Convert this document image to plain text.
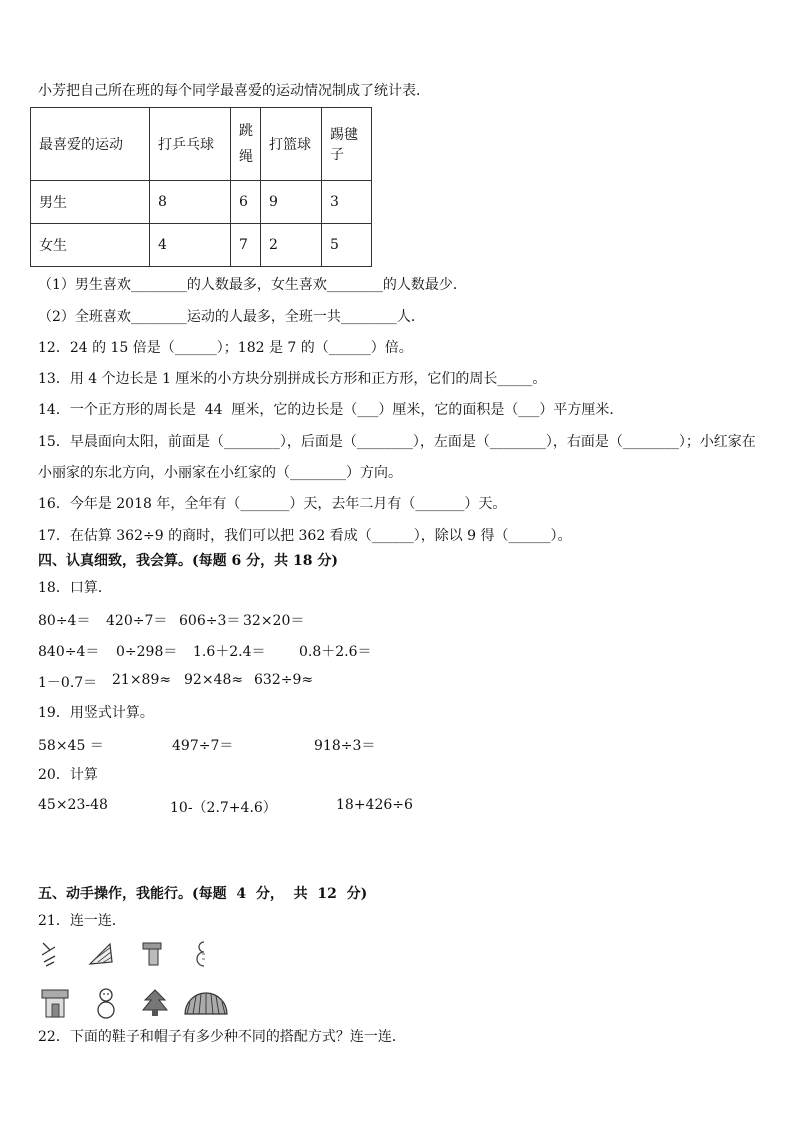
小芳把自己所在班的每个同学最喜爱的运动情况制成了统计表．
最喜爱的运动	打乒乓球	跳绳	打篮球	踢毽子
男生	8	6	9	3
女生	4	7	2	5
（1）男生喜欢________的人数最多，女生喜欢________的人数最少．
（2）全班喜欢________运动的人最多，全班一共________人．
12．24 的 15 倍是（______）；182 是 7 的（______）倍。
13．用 4 个边长是 1 厘米的小方块分别拼成长方形和正方形，它们的周长_____。
14．一个正方形的周长是  44  厘米，它的边长是（___）厘米，它的面积是（___）平方厘米．
15．早晨面向太阳，前面是（________），后面是（________），左面是（________），右面是（________）；小红家在
小丽家的东北方向，小丽家在小红家的（________）方向。
16．今年是 2018 年，全年有（_______）天，去年二月有（_______）天。
17．在估算 362÷9 的商时，我们可以把 362 看成（______），除以 9 得（______）。
四、认真细致，我会算。(每题 6 分，共 18 分)
18．口算．
80÷4＝	420÷7＝ 606÷3＝ 32×20＝
840÷4＝	0÷298＝	1.6＋2.4＝	0.8＋2.6＝
1－0.7＝	21×89≈ 92×48≈ 632÷9≈
19．用竖式计算。
58×45 ＝	497÷7＝	918÷3＝
20．计算
45×23-48	10-（2.7+4.6）	18+426÷6
五、动手操作，我能行。(每题  4  分，  共  12  分)
21．连一连．
22．下面的鞋子和帽子有多少种不同的搭配方式？连一连．
